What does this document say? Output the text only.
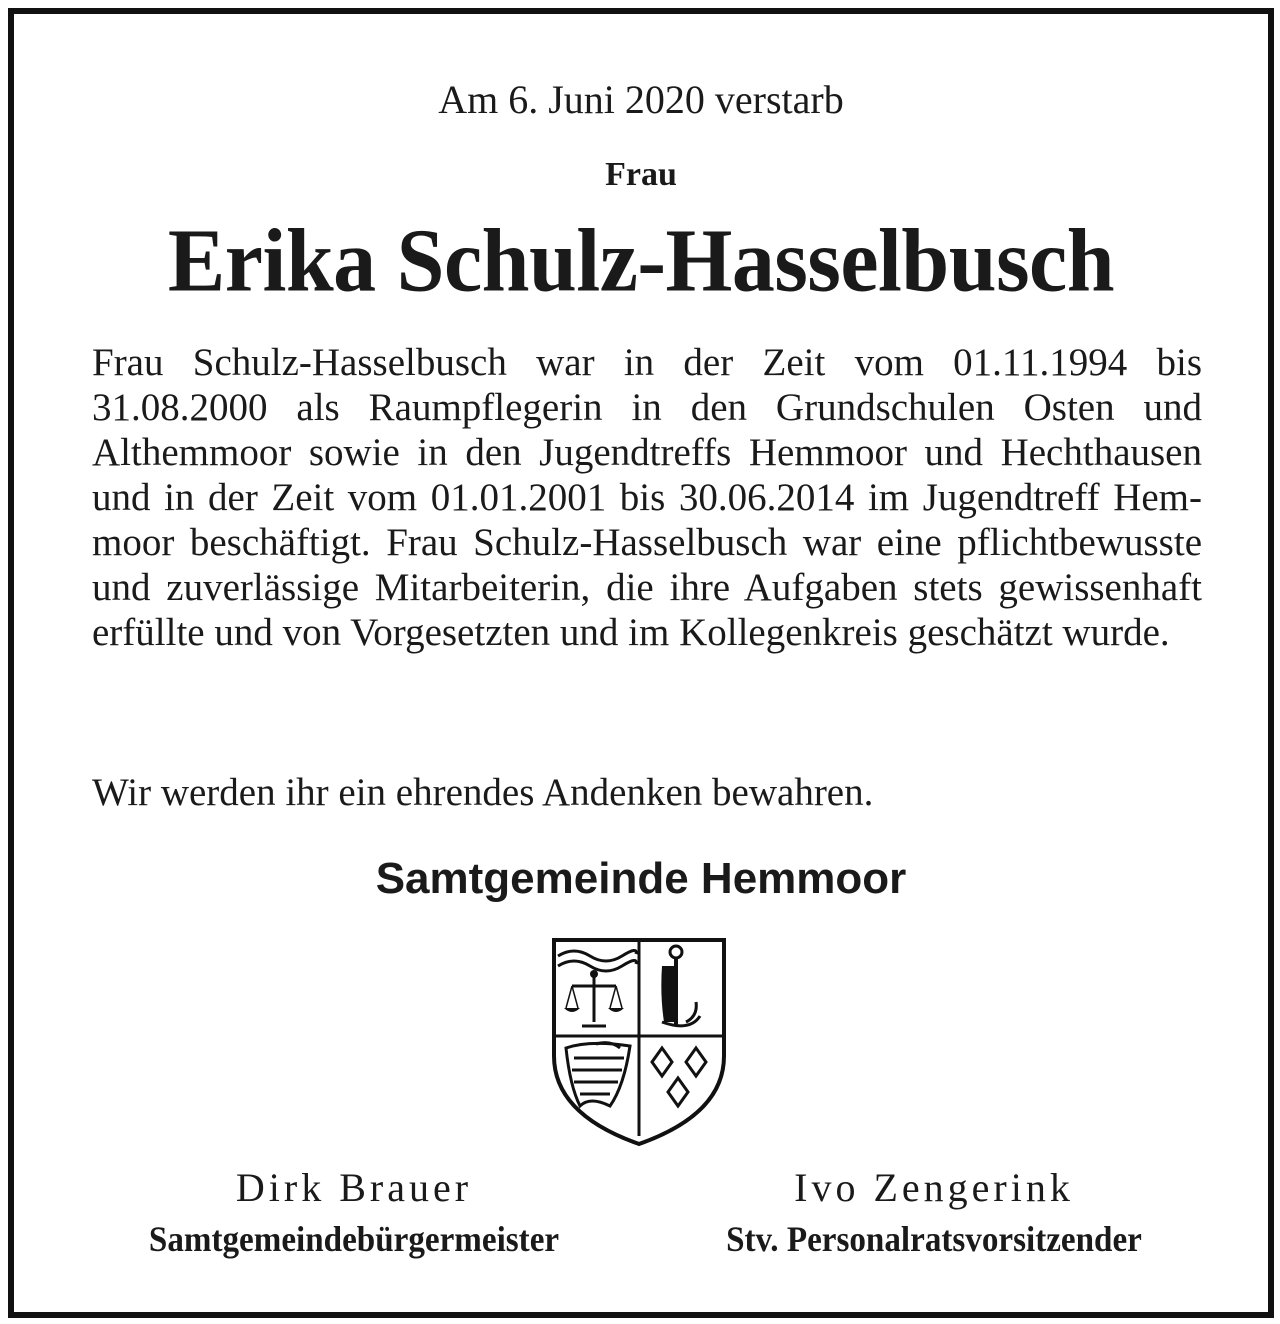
Am 6. Juni 2020 verstarb
Frau
Erika Schulz-Hasselbusch
Frau Schulz-Hasselbusch war in der Zeit vom 01.11.1994 bis 31.08.2000 als Raumpflegerin in den Grundschulen Osten und Althemmoor sowie in den Jugendtreffs Hemmoor und Hechthausen und in der Zeit vom 01.01.2001 bis 30.06.2014 im Jugendtreff Hemmoor beschäftigt. Frau Schulz-Hasselbusch war eine pflichtbewusste und zuverlässige Mitarbeiterin, die ihre Aufgaben stets gewissenhaft erfüllte und von Vorgesetzten und im Kollegenkreis geschätzt wurde.
Wir werden ihr ein ehrendes Andenken bewahren.
Samtgemeinde Hemmoor
Dirk Brauer	Ivo Zengerink
Samtgemeindebürgermeister	Stv. Personalratsvorsitzender
